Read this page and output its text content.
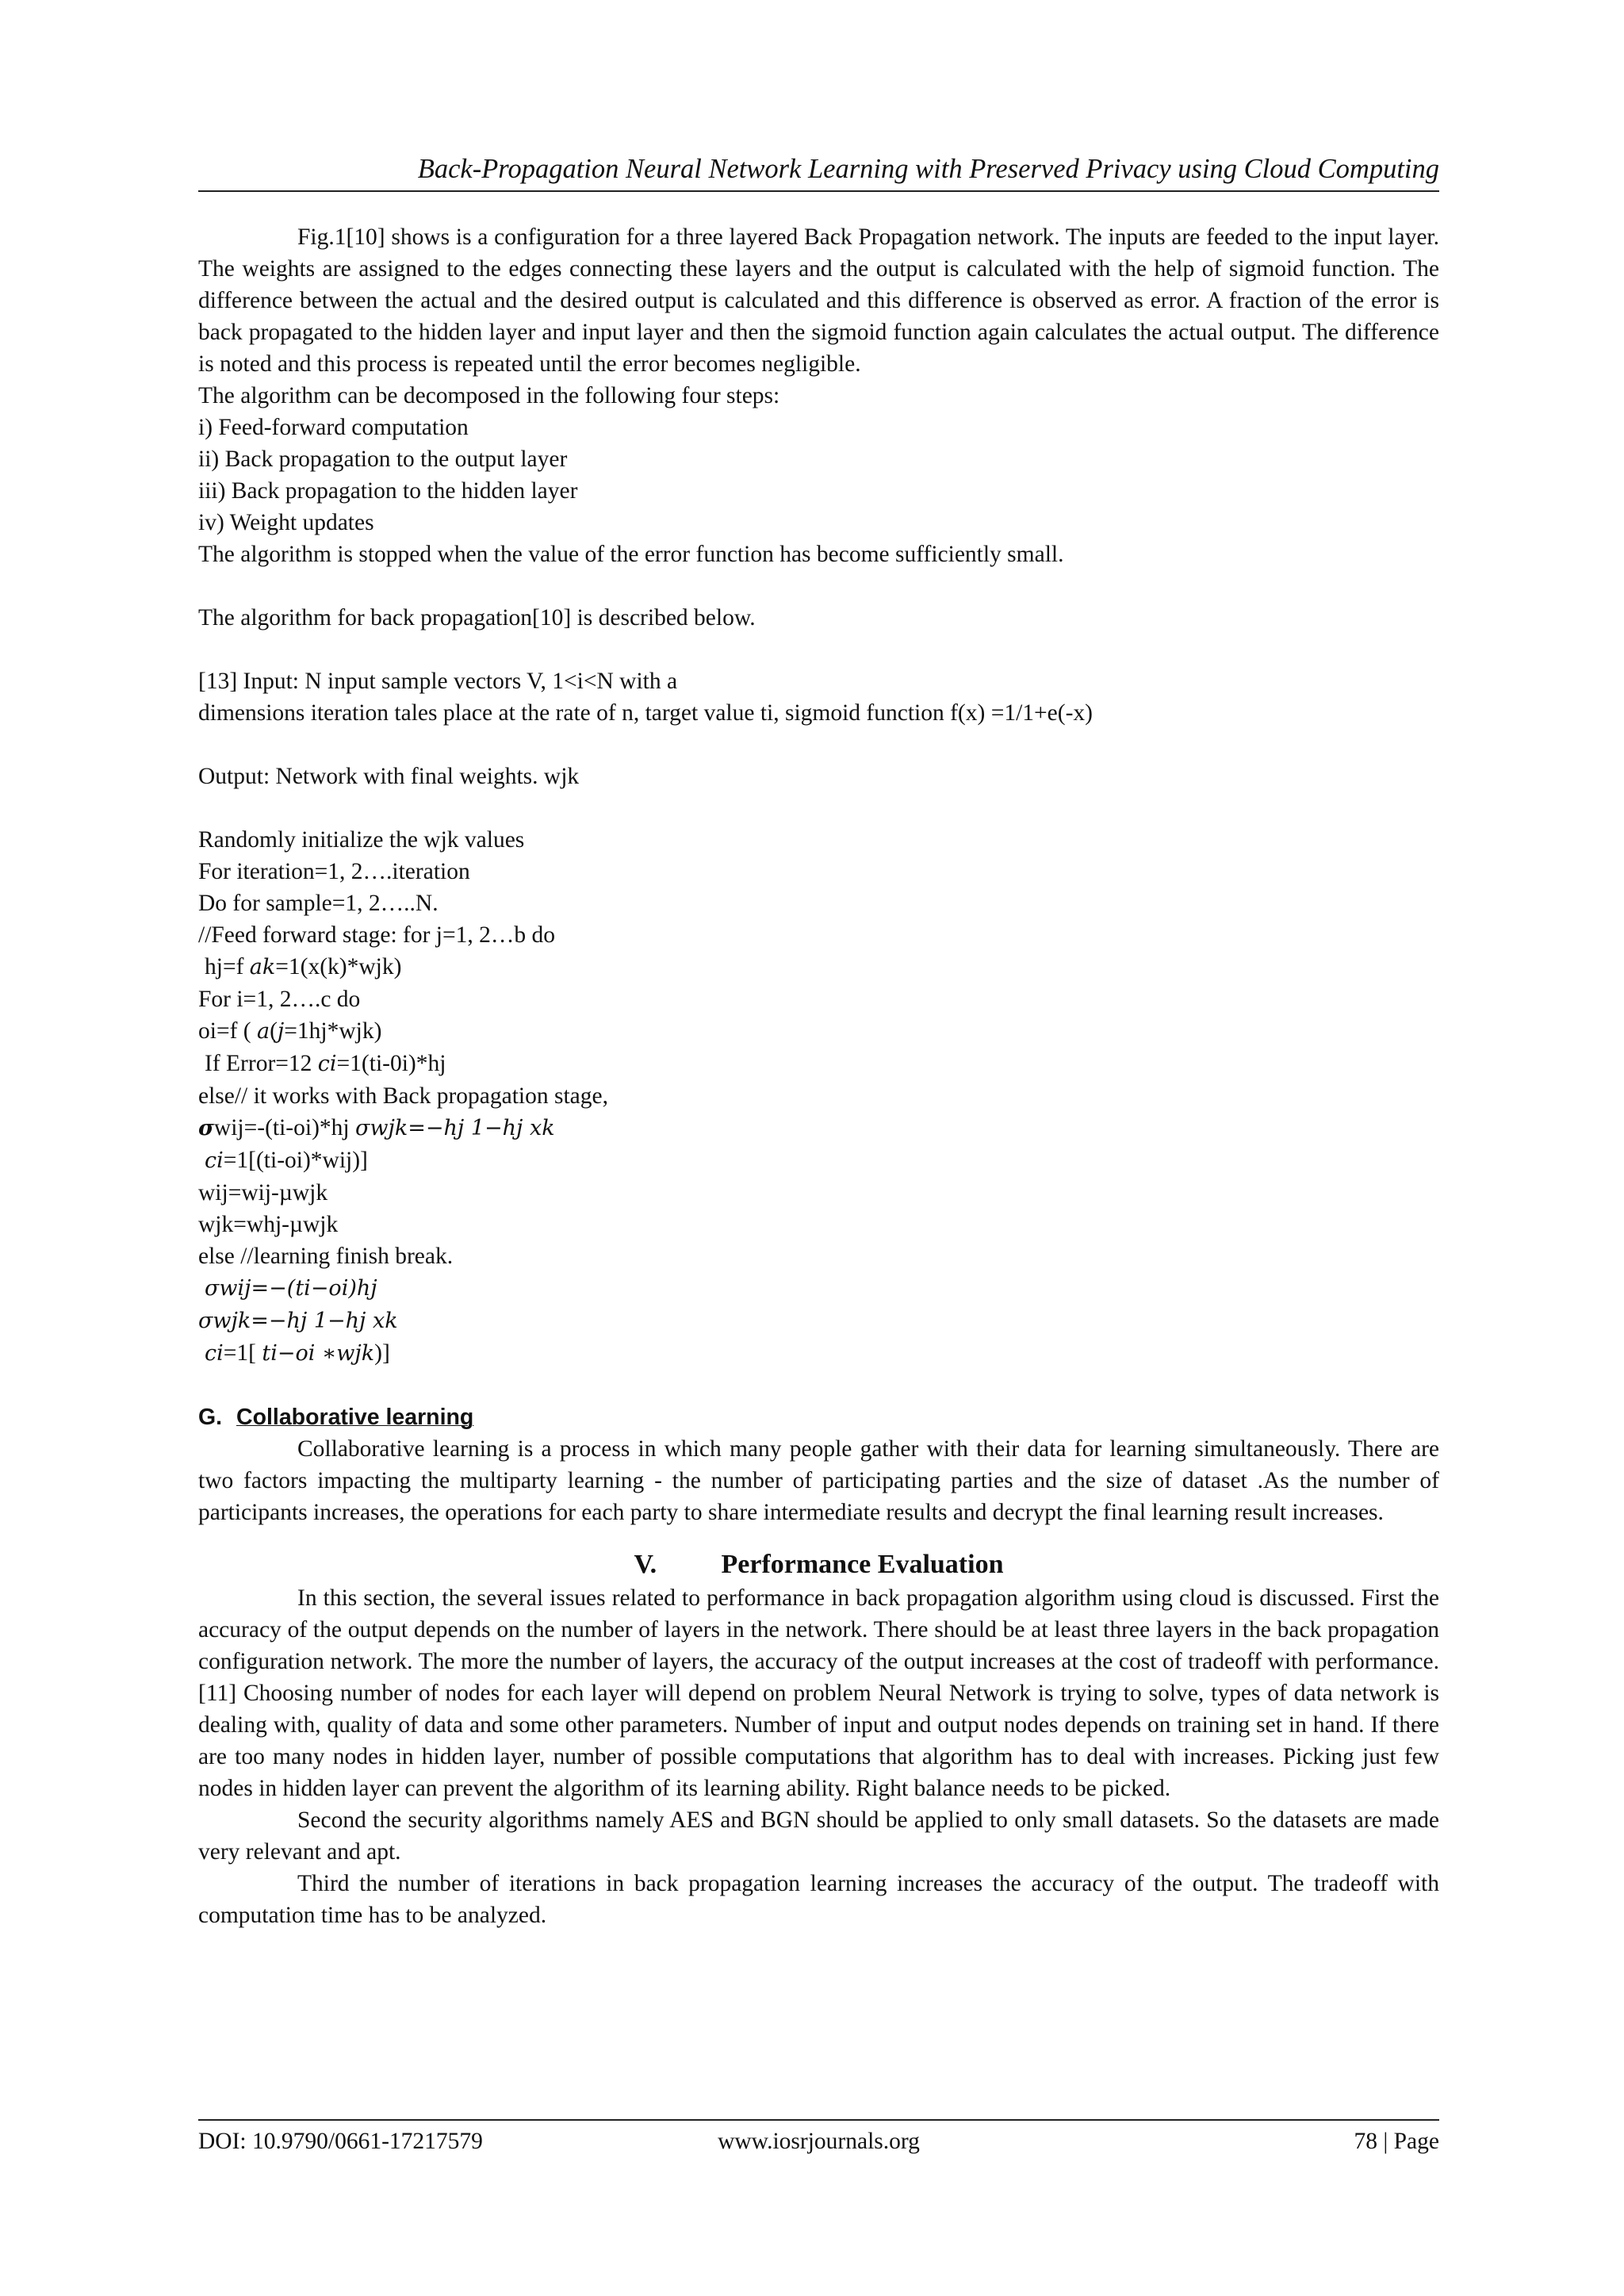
Back-Propagation Neural Network Learning with Preserved Privacy using Cloud Computing

Fig.1[10] shows is a configuration for a three layered Back Propagation network. The inputs are feeded to the input layer. The weights are assigned to the edges connecting these layers and the output is calculated with the help of sigmoid function. The difference between the actual and the desired output is calculated and this difference is observed as error. A fraction of the error is back propagated to the hidden layer and input layer and then the sigmoid function again calculates the actual output. The difference is noted and this process is repeated until the error becomes negligible.

The algorithm can be decomposed in the following four steps:

i) Feed-forward computation

ii) Back propagation to the output layer

iii) Back propagation to the hidden layer

iv) Weight updates

The algorithm is stopped when the value of the error function has become sufficiently small.

The algorithm for back propagation[10] is described below.

[13] Input: N input sample vectors V, 1<i<N with a

dimensions iteration tales place at the rate of n, target value ti, sigmoid function f(x) =1/1+e(-x)

Output: Network with final weights. wjk

Randomly initialize the wjk values

For iteration=1, 2….iteration

Do for sample=1, 2…..N.

//Feed forward stage: for j=1, 2…b do

hj=f ak=1(x(k)*wjk)

For i=1, 2….c do

oi=f ( a(j=1hj*wjk)

If Error=12 ci=1(ti-0i)*hj

else// it works with Back propagation stage,

σwij=-(ti-oi)*hj σwjk=−hj 1−hj xk

ci=1[(ti-oi)*wij)]

wij=wij-µwjk

wjk=whj-µwjk

else //learning finish break.

σwij=−(ti−oi)hj

σwjk=−hj 1−hj xk

ci=1[ ti−oi ∗wjk)]

G. Collaborative learning

Collaborative learning is a process in which many people gather with their data for learning simultaneously. There are two factors impacting the multiparty learning - the number of participating parties and the size of dataset .As the number of participants increases, the operations for each party to share intermediate results and decrypt the final learning result increases.

V. Performance Evaluation

In this section, the several issues related to performance in back propagation algorithm using cloud is discussed. First the accuracy of the output depends on the number of layers in the network. There should be at least three layers in the back propagation configuration network. The more the number of layers, the accuracy of the output increases at the cost of tradeoff with performance. [11] Choosing number of nodes for each layer will depend on problem Neural Network is trying to solve, types of data network is dealing with, quality of data and some other parameters. Number of input and output nodes depends on training set in hand. If there are too many nodes in hidden layer, number of possible computations that algorithm has to deal with increases. Picking just few nodes in hidden layer can prevent the algorithm of its learning ability. Right balance needs to be picked.

Second the security algorithms namely AES and BGN should be applied to only small datasets. So the datasets are made very relevant and apt.

Third the number of iterations in back propagation learning increases the accuracy of the output. The tradeoff with computation time has to be analyzed.

DOI: 10.9790/0661-17217579	www.iosrjournals.org	78 | Page
